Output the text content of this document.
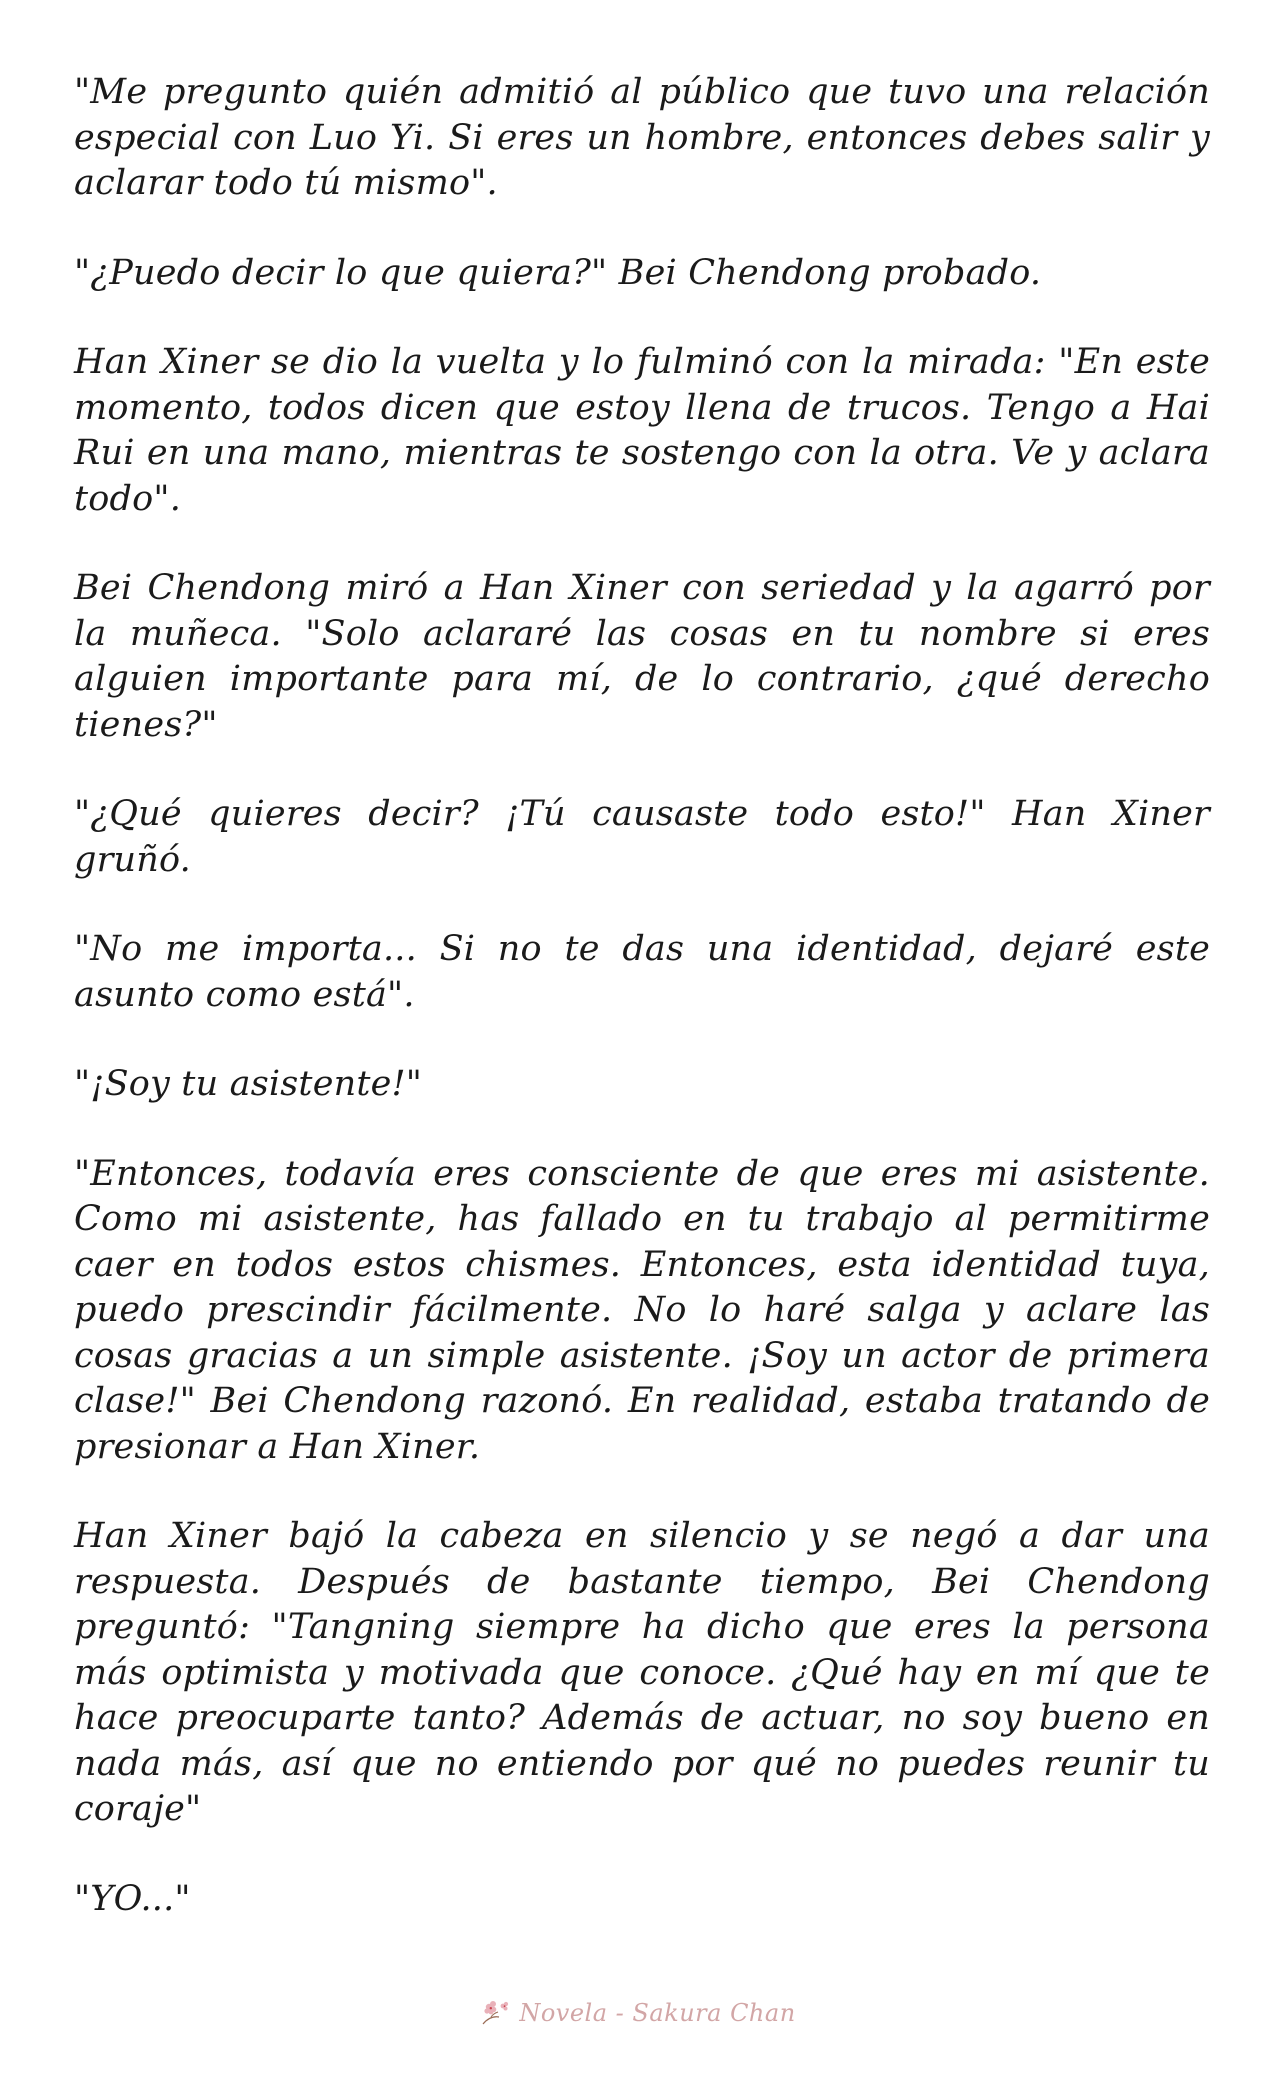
"Me pregunto quién admitió al público que tuvo una relación especial con Luo Yi. Si eres un hombre, entonces debes salir y aclarar todo tú mismo".

"¿Puedo decir lo que quiera?" Bei Chendong probado.

Han Xiner se dio la vuelta y lo fulminó con la mirada: "En este momento, todos dicen que estoy llena de trucos. Tengo a Hai Rui en una mano, mientras te sostengo con la otra. Ve y aclara todo".

Bei Chendong miró a Han Xiner con seriedad y la agarró por la muñeca. "Solo aclararé las cosas en tu nombre si eres alguien importante para mí, de lo contrario, ¿qué derecho tienes?"

"¿Qué quieres decir? ¡Tú causaste todo esto!" Han Xiner gruñó.

"No me importa... Si no te das una identidad, dejaré este asunto como está".

"¡Soy tu asistente!"

"Entonces, todavía eres consciente de que eres mi asistente. Como mi asistente, has fallado en tu trabajo al permitirme caer en todos estos chismes. Entonces, esta identidad tuya, puedo prescindir fácilmente. No lo haré salga y aclare las cosas gracias a un simple asistente. ¡Soy un actor de primera clase!" Bei Chendong razonó. En realidad, estaba tratando de presionar a Han Xiner.

Han Xiner bajó la cabeza en silencio y se negó a dar una respuesta. Después de bastante tiempo, Bei Chendong preguntó: "Tangning siempre ha dicho que eres la persona más optimista y motivada que conoce. ¿Qué hay en mí que te hace preocuparte tanto? Además de actuar, no soy bueno en nada más, así que no entiendo por qué no puedes reunir tu coraje"

"YO..."

Novela - Sakura Chan
